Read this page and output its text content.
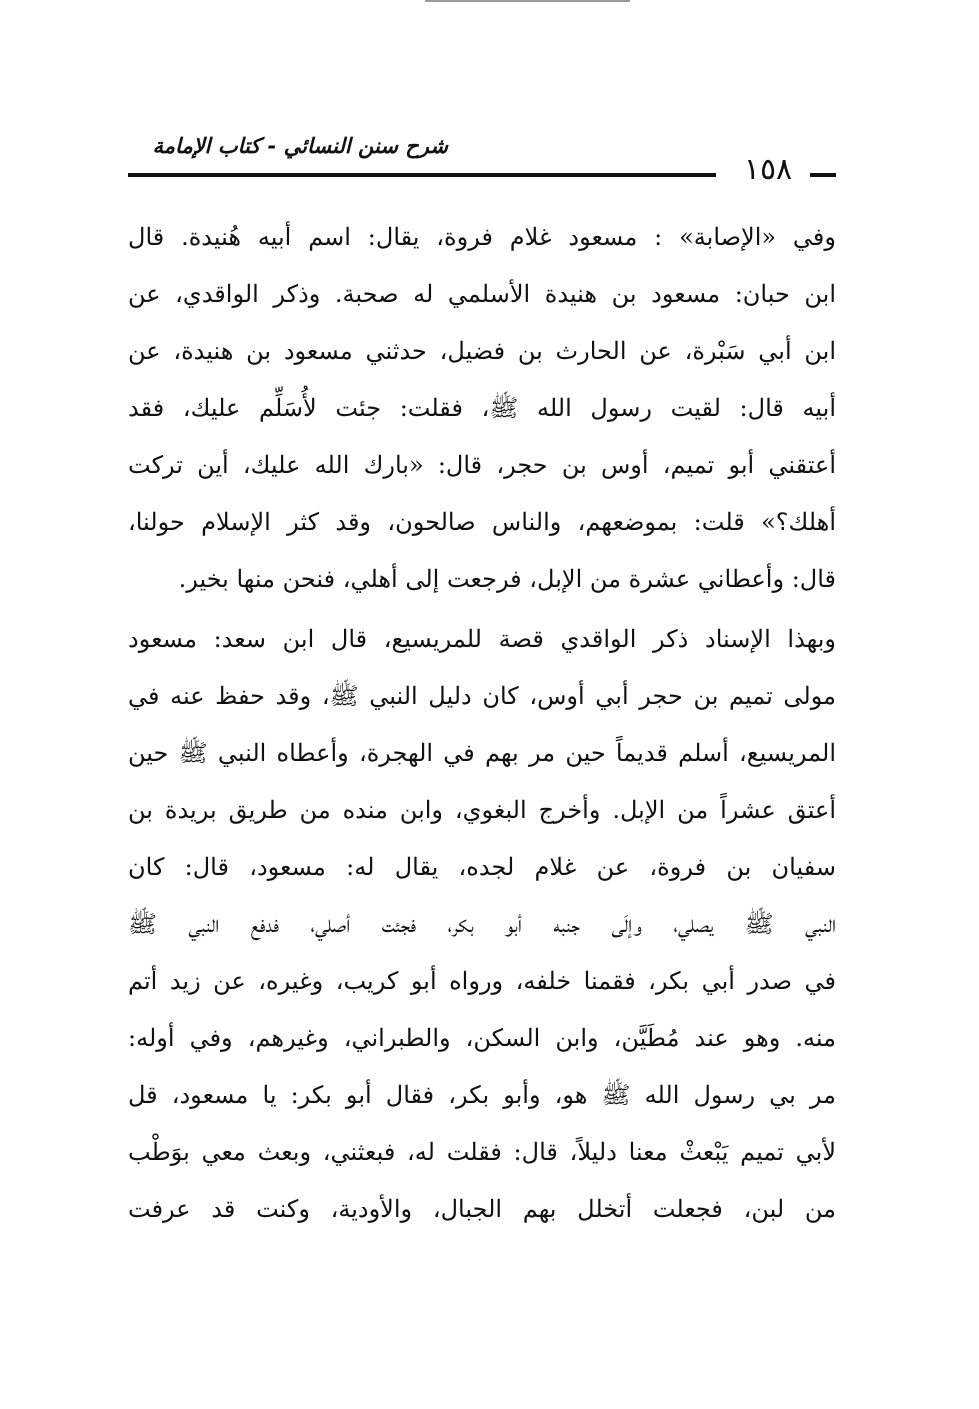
شرح سنن النسائي - كتاب الإمامة
١٥٨
وفي «الإصابة» : مسعود غلام فروة، يقال: اسم أبيه هُنيدة. قال
ابن حبان: مسعود بن هنيدة الأسلمي له صحبة. وذكر الواقدي، عن
ابن أبي سَبْرة، عن الحارث بن فضيل، حدثني مسعود بن هنيدة، عن
أبيه قال: لقيت رسول الله ﷺ، فقلت: جئت لأُسَلِّم عليك، فقد
أعتقني أبو تميم، أوس بن حجر، قال: «بارك الله عليك، أين تركت
أهلك؟» قلت: بموضعهم، والناس صالحون، وقد كثر الإسلام حولنا،
قال: وأعطاني عشرة من الإبل، فرجعت إلى أهلي، فنحن منها بخير.
وبهذا الإسناد ذكر الواقدي قصة للمريسيع، قال ابن سعد: مسعود
مولى تميم بن حجر أبي أوس، كان دليل النبي ﷺ، وقد حفظ عنه في
المريسيع، أسلم قديماً حين مر بهم في الهجرة، وأعطاه النبي ﷺ حين
أعتق عشراً من الإبل. وأخرج البغوي، وابن منده من طريق بريدة بن
سفيان بن فروة، عن غلام لجده، يقال له: مسعود، قال: كان
النبي ﷺ يصلي، وإلَى جنبه أبو بكر، فجئت أصلي، فدفع النبي ﷺ
في صدر أبي بكر، فقمنا خلفه، ورواه أبو كريب، وغيره، عن زيد أتم
منه. وهو عند مُطَيَّن، وابن السكن، والطبراني، وغيرهم، وفي أوله:
مر بي رسول الله ﷺ هو، وأبو بكر، فقال أبو بكر: يا مسعود، قل
لأبي تميم يَبْعثْ معنا دليلاً، قال: فقلت له، فبعثني، وبعث معي بوَطْب
من لبن، فجعلت أتخلل بهم الجبال، والأودية، وكنت قد عرفت
